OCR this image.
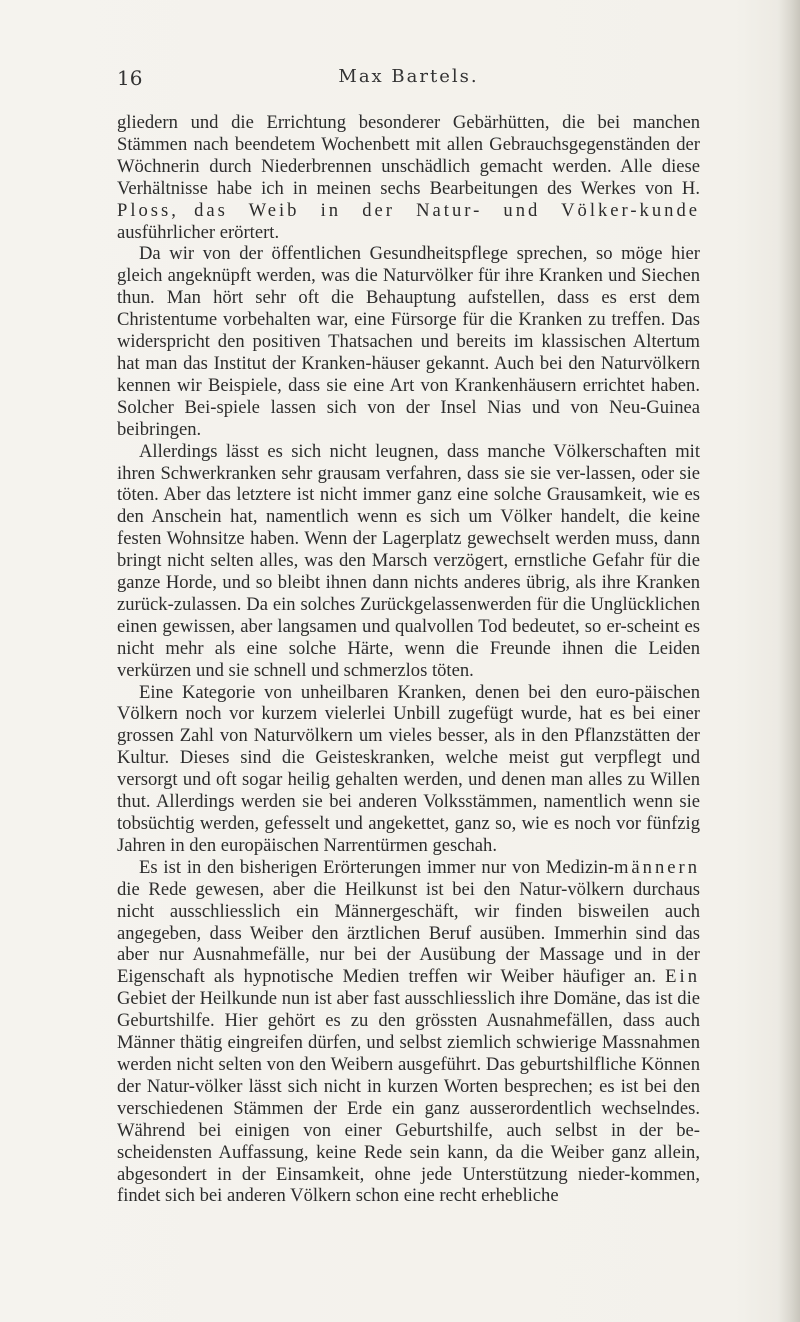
16	Max Bartels.

gliedern und die Errichtung besonderer Gebärhütten, die bei manchen Stämmen nach beendetem Wochenbett mit allen Gebrauchsgegenständen der Wöchnerin durch Niederbrennen unschädlich gemacht werden. Alle diese Verhältnisse habe ich in meinen sechs Bearbeitungen des Werkes von H. Ploss, das Weib in der Natur- und Völker-kunde ausführlicher erörtert.

Da wir von der öffentlichen Gesundheitspflege sprechen, so möge hier gleich angeknüpft werden, was die Naturvölker für ihre Kranken und Siechen thun. Man hört sehr oft die Behauptung aufstellen, dass es erst dem Christentume vorbehalten war, eine Fürsorge für die Kranken zu treffen. Das widerspricht den positiven Thatsachen und bereits im klassischen Altertum hat man das Institut der Kranken-häuser gekannt. Auch bei den Naturvölkern kennen wir Beispiele, dass sie eine Art von Krankenhäusern errichtet haben. Solcher Bei-spiele lassen sich von der Insel Nias und von Neu-Guinea beibringen.

Allerdings lässt es sich nicht leugnen, dass manche Völkerschaften mit ihren Schwerkranken sehr grausam verfahren, dass sie sie ver-lassen, oder sie töten. Aber das letztere ist nicht immer ganz eine solche Grausamkeit, wie es den Anschein hat, namentlich wenn es sich um Völker handelt, die keine festen Wohnsitze haben. Wenn der Lagerplatz gewechselt werden muss, dann bringt nicht selten alles, was den Marsch verzögert, ernstliche Gefahr für die ganze Horde, und so bleibt ihnen dann nichts anderes übrig, als ihre Kranken zurück-zulassen. Da ein solches Zurückgelassenwerden für die Unglücklichen einen gewissen, aber langsamen und qualvollen Tod bedeutet, so er-scheint es nicht mehr als eine solche Härte, wenn die Freunde ihnen die Leiden verkürzen und sie schnell und schmerzlos töten.

Eine Kategorie von unheilbaren Kranken, denen bei den euro-päischen Völkern noch vor kurzem vielerlei Unbill zugefügt wurde, hat es bei einer grossen Zahl von Naturvölkern um vieles besser, als in den Pflanzstätten der Kultur. Dieses sind die Geisteskranken, welche meist gut verpflegt und versorgt und oft sogar heilig gehalten werden, und denen man alles zu Willen thut. Allerdings werden sie bei anderen Volksstämmen, namentlich wenn sie tobsüchtig werden, gefesselt und angekettet, ganz so, wie es noch vor fünfzig Jahren in den europäischen Narrentürmen geschah.

Es ist in den bisherigen Erörterungen immer nur von Medizin-männern die Rede gewesen, aber die Heilkunst ist bei den Natur-völkern durchaus nicht ausschliesslich ein Männergeschäft, wir finden bisweilen auch angegeben, dass Weiber den ärztlichen Beruf ausüben. Immerhin sind das aber nur Ausnahmefälle, nur bei der Ausübung der Massage und in der Eigenschaft als hypnotische Medien treffen wir Weiber häufiger an. Ein Gebiet der Heilkunde nun ist aber fast ausschliesslich ihre Domäne, das ist die Geburtshilfe. Hier gehört es zu den grössten Ausnahmefällen, dass auch Männer thätig eingreifen dürfen, und selbst ziemlich schwierige Massnahmen werden nicht selten von den Weibern ausgeführt. Das geburtshilfliche Können der Natur-völker lässt sich nicht in kurzen Worten besprechen; es ist bei den verschiedenen Stämmen der Erde ein ganz ausserordentlich wechselndes. Während bei einigen von einer Geburtshilfe, auch selbst in der be-scheidensten Auffassung, keine Rede sein kann, da die Weiber ganz allein, abgesondert in der Einsamkeit, ohne jede Unterstützung nieder-kommen, findet sich bei anderen Völkern schon eine recht erhebliche
